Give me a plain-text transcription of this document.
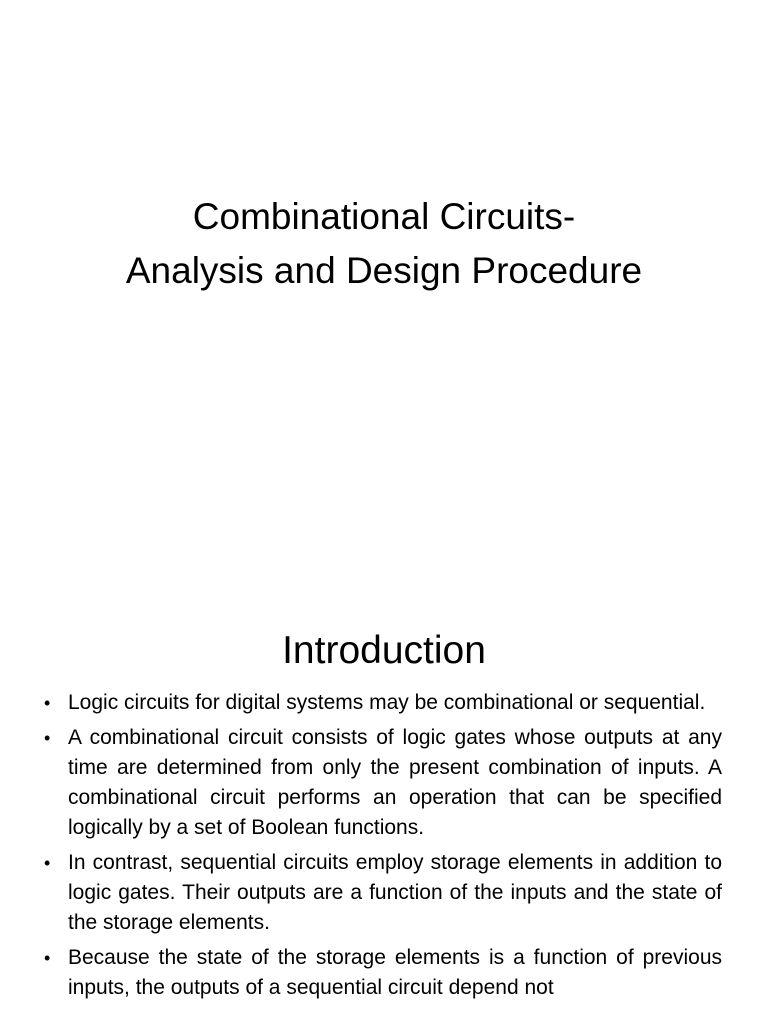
Combinational Circuits-
Analysis and Design Procedure
Introduction
• Logic circuits for digital systems may be combinational or sequential.
• A combinational circuit consists of logic gates whose outputs at any time are determined from only the present combination of inputs. A combinational circuit performs an operation that can be specified logically by a set of Boolean functions.
• In contrast, sequential circuits employ storage elements in addition to logic gates. Their outputs are a function of the inputs and the state of the storage elements.
• Because the state of the storage elements is a function of previous inputs, the outputs of a sequential circuit depend not
